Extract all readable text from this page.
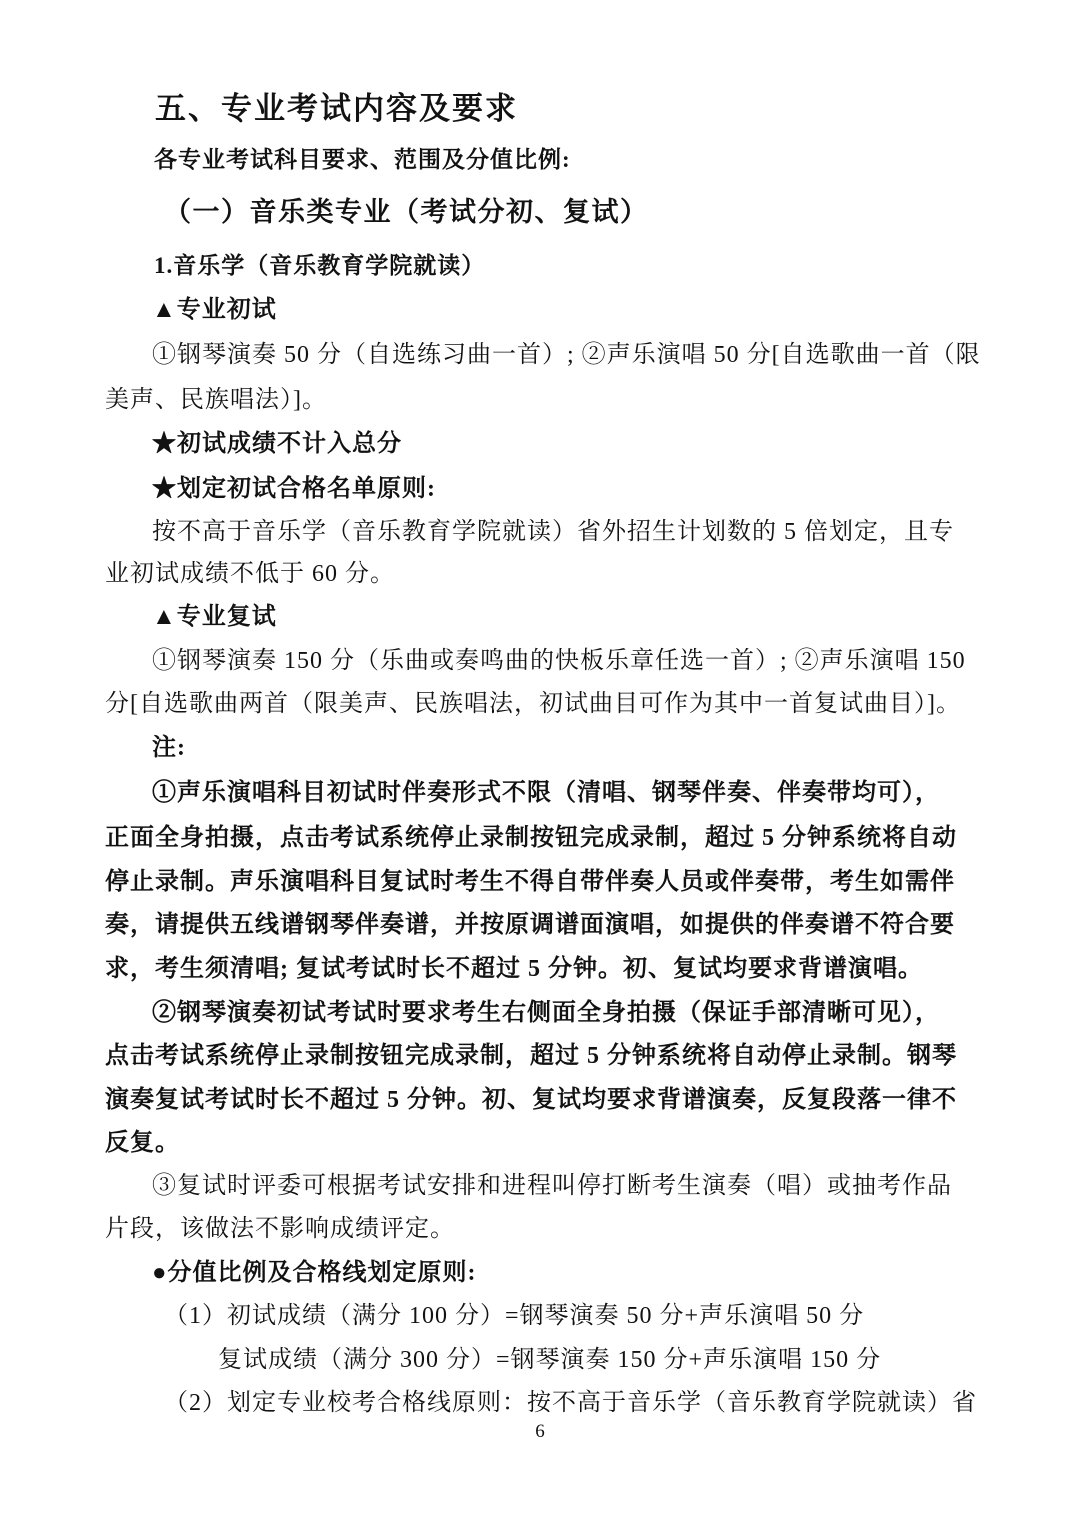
五、专业考试内容及要求
各专业考试科目要求、范围及分值比例:
（一）音乐类专业（考试分初、复试）
1.音乐学（音乐教育学院就读）
▲专业初试
①钢琴演奏 50 分（自选练习曲一首）; ②声乐演唱 50 分[自选歌曲一首（限
美声、民族唱法）]。
★初试成绩不计入总分
★划定初试合格名单原则:
按不高于音乐学（音乐教育学院就读）省外招生计划数的 5 倍划定，且专
业初试成绩不低于 60 分。
▲专业复试
①钢琴演奏 150 分（乐曲或奏鸣曲的快板乐章任选一首）; ②声乐演唱 150
分[自选歌曲两首（限美声、民族唱法，初试曲目可作为其中一首复试曲目）]。
注:
①声乐演唱科目初试时伴奏形式不限（清唱、钢琴伴奏、伴奏带均可），
正面全身拍摄，点击考试系统停止录制按钮完成录制，超过 5 分钟系统将自动
停止录制。声乐演唱科目复试时考生不得自带伴奏人员或伴奏带，考生如需伴
奏，请提供五线谱钢琴伴奏谱，并按原调谱面演唱，如提供的伴奏谱不符合要
求，考生须清唱; 复试考试时长不超过 5 分钟。初、复试均要求背谱演唱。
②钢琴演奏初试考试时要求考生右侧面全身拍摄（保证手部清晰可见），
点击考试系统停止录制按钮完成录制，超过 5 分钟系统将自动停止录制。钢琴
演奏复试考试时长不超过 5 分钟。初、复试均要求背谱演奏，反复段落一律不
反复。
③复试时评委可根据考试安排和进程叫停打断考生演奏（唱）或抽考作品
片段，该做法不影响成绩评定。
●分值比例及合格线划定原则:
（1）初试成绩（满分 100 分）=钢琴演奏 50 分+声乐演唱 50 分
复试成绩（满分 300 分）=钢琴演奏 150 分+声乐演唱 150 分
（2）划定专业校考合格线原则：按不高于音乐学（音乐教育学院就读）省
6
